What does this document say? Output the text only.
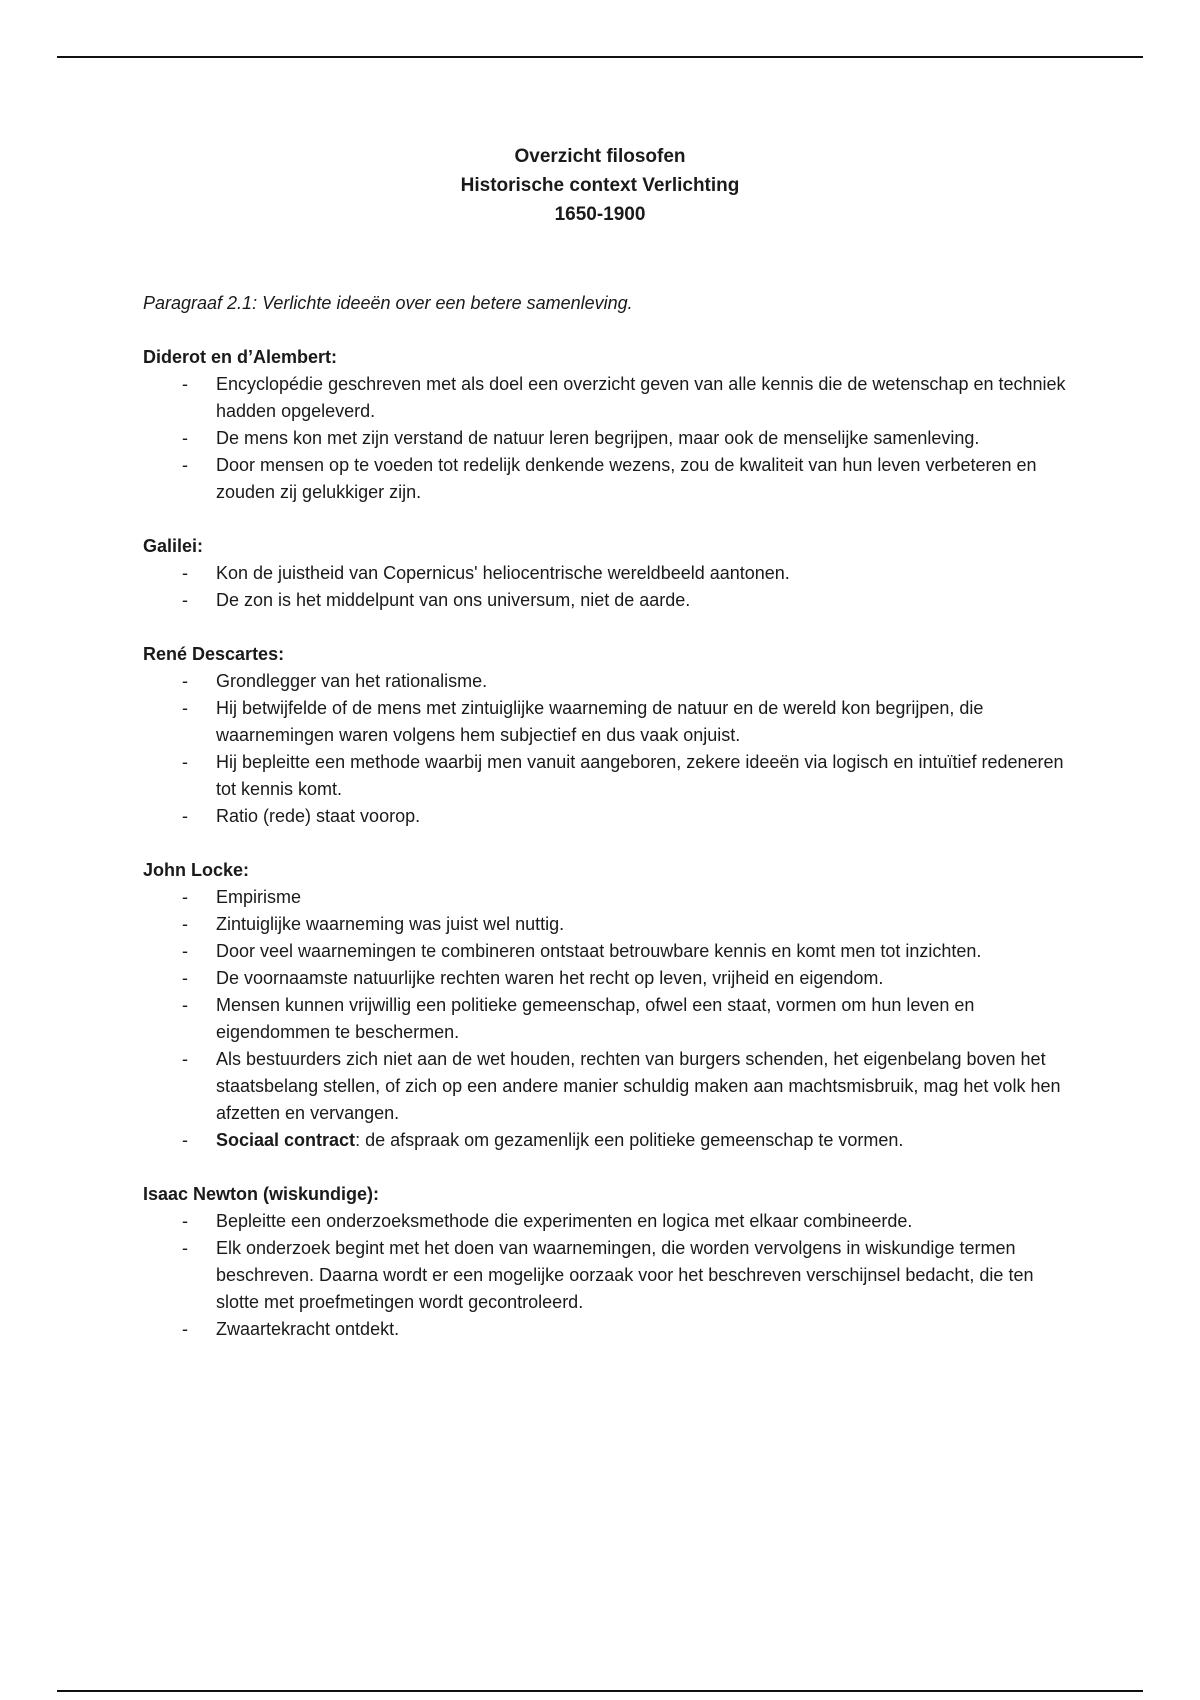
Overzicht filosofen
Historische context Verlichting
1650-1900

Paragraaf 2.1: Verlichte ideeën over een betere samenleving.

Diderot en d’Alembert:

- Encyclopédie geschreven met als doel een overzicht geven van alle kennis die de wetenschap en techniek hadden opgeleverd.
- De mens kon met zijn verstand de natuur leren begrijpen, maar ook de menselijke samenleving.
- Door mensen op te voeden tot redelijk denkende wezens, zou de kwaliteit van hun leven verbeteren en zouden zij gelukkiger zijn.

Galilei:

- Kon de juistheid van Copernicus' heliocentrische wereldbeeld aantonen.
- De zon is het middelpunt van ons universum, niet de aarde.

René Descartes:

- Grondlegger van het rationalisme.
- Hij betwijfelde of de mens met zintuiglijke waarneming de natuur en de wereld kon begrijpen, die waarnemingen waren volgens hem subjectief en dus vaak onjuist.
- Hij bepleitte een methode waarbij men vanuit aangeboren, zekere ideeën via logisch en intuïtief redeneren tot kennis komt.
- Ratio (rede) staat voorop.

John Locke:

- Empirisme
- Zintuiglijke waarneming was juist wel nuttig.
- Door veel waarnemingen te combineren ontstaat betrouwbare kennis en komt men tot inzichten.
- De voornaamste natuurlijke rechten waren het recht op leven, vrijheid en eigendom.
- Mensen kunnen vrijwillig een politieke gemeenschap, ofwel een staat, vormen om hun leven en eigendommen te beschermen.
- Als bestuurders zich niet aan de wet houden, rechten van burgers schenden, het eigenbelang boven het staatsbelang stellen, of zich op een andere manier schuldig maken aan machtsmisbruik, mag het volk hen afzetten en vervangen.
- Sociaal contract: de afspraak om gezamenlijk een politieke gemeenschap te vormen.

Isaac Newton (wiskundige):

- Bepleitte een onderzoeksmethode die experimenten en logica met elkaar combineerde.
- Elk onderzoek begint met het doen van waarnemingen, die worden vervolgens in wiskundige termen beschreven. Daarna wordt er een mogelijke oorzaak voor het beschreven verschijnsel bedacht, die ten slotte met proefmetingen wordt gecontroleerd.
- Zwaartekracht ontdekt.
